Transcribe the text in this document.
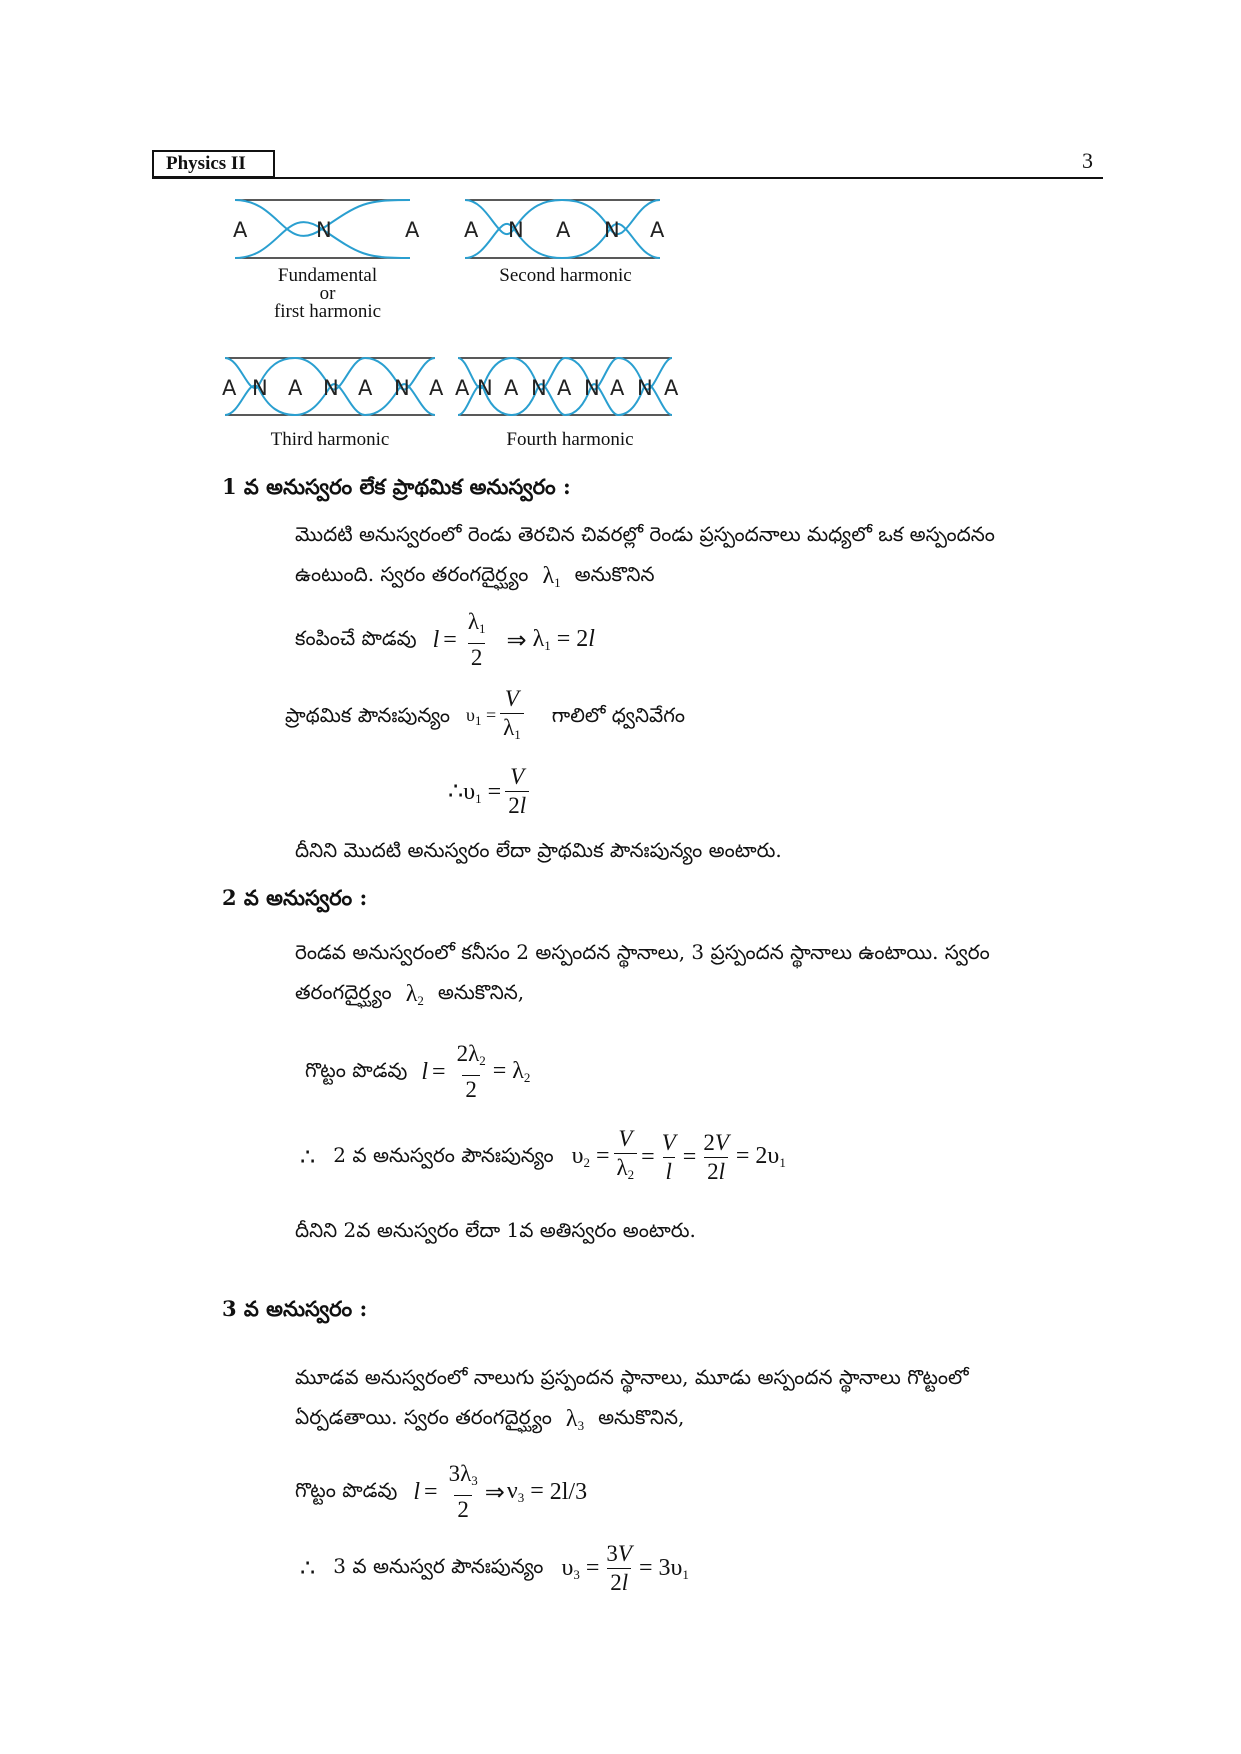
Physics II	3
A	N	A A N A N A
A N A N A N A A N A N A N A N A
Fundamental
or
first harmonic
Second harmonic
Third harmonic	Fourth harmonic
1 వ అనుస్వరం లేక ప్రాథమిక అనుస్వరం :
మొదటి అనుస్వరంలో రెండు తెరచిన చివరల్లో రెండు ప్రస్పందనాలు మధ్యలో ఒక అస్పందనం
ఉంటుంది. స్వరం తరంగదైర్ఘ్యం $\lambda_1$ అనుకొనిన
కంపించే పొడవు $l = \frac{\lambda_1}{2}$ ⇒ $\lambda_1 = 2l$
ప్రాథమిక పౌనఃపున్యం $\upsilon_1 = \frac{V}{\lambda_1}$ గాలిలో ధ్వనివేగం
$\therefore\upsilon_1 = \frac{V}{2l}$
దీనిని మొదటి అనుస్వరం లేదా ప్రాథమిక పౌనఃపున్యం అంటారు.
2 వ అనుస్వరం :
రెండవ అనుస్వరంలో కనీసం 2 అస్పందన స్థానాలు, 3 ప్రస్పందన స్థానాలు ఉంటాయి. స్వరం
తరంగదైర్ఘ్యం $\lambda_2$ అనుకొనిన,
గొట్టం పొడవు $l = \frac{2\lambda_2}{2} = \lambda_2$
∴ 2 వ అనుస్వరం పౌనఃపున్యం $\upsilon_2 = \frac{V}{\lambda_2} = \frac{V}{l} = \frac{2V}{2l} = 2\upsilon_1$
దీనిని 2వ అనుస్వరం లేదా 1వ అతిస్వరం అంటారు.
3 వ అనుస్వరం :
మూడవ అనుస్వరంలో నాలుగు ప్రస్పందన స్థానాలు, మూడు అస్పందన స్థానాలు గొట్టంలో
ఏర్పడతాయి. స్వరం తరంగదైర్ఘ్యం $\lambda_3$ అనుకొనిన,
గొట్టం పొడవు $l = \frac{3\lambda_3}{2}$ ⇒ $\nu_3 = 2l/3$
∴ 3 వ అనుస్వర పౌనఃపున్యం $\upsilon_3 = \frac{3V}{2l} = 3\upsilon_1$
